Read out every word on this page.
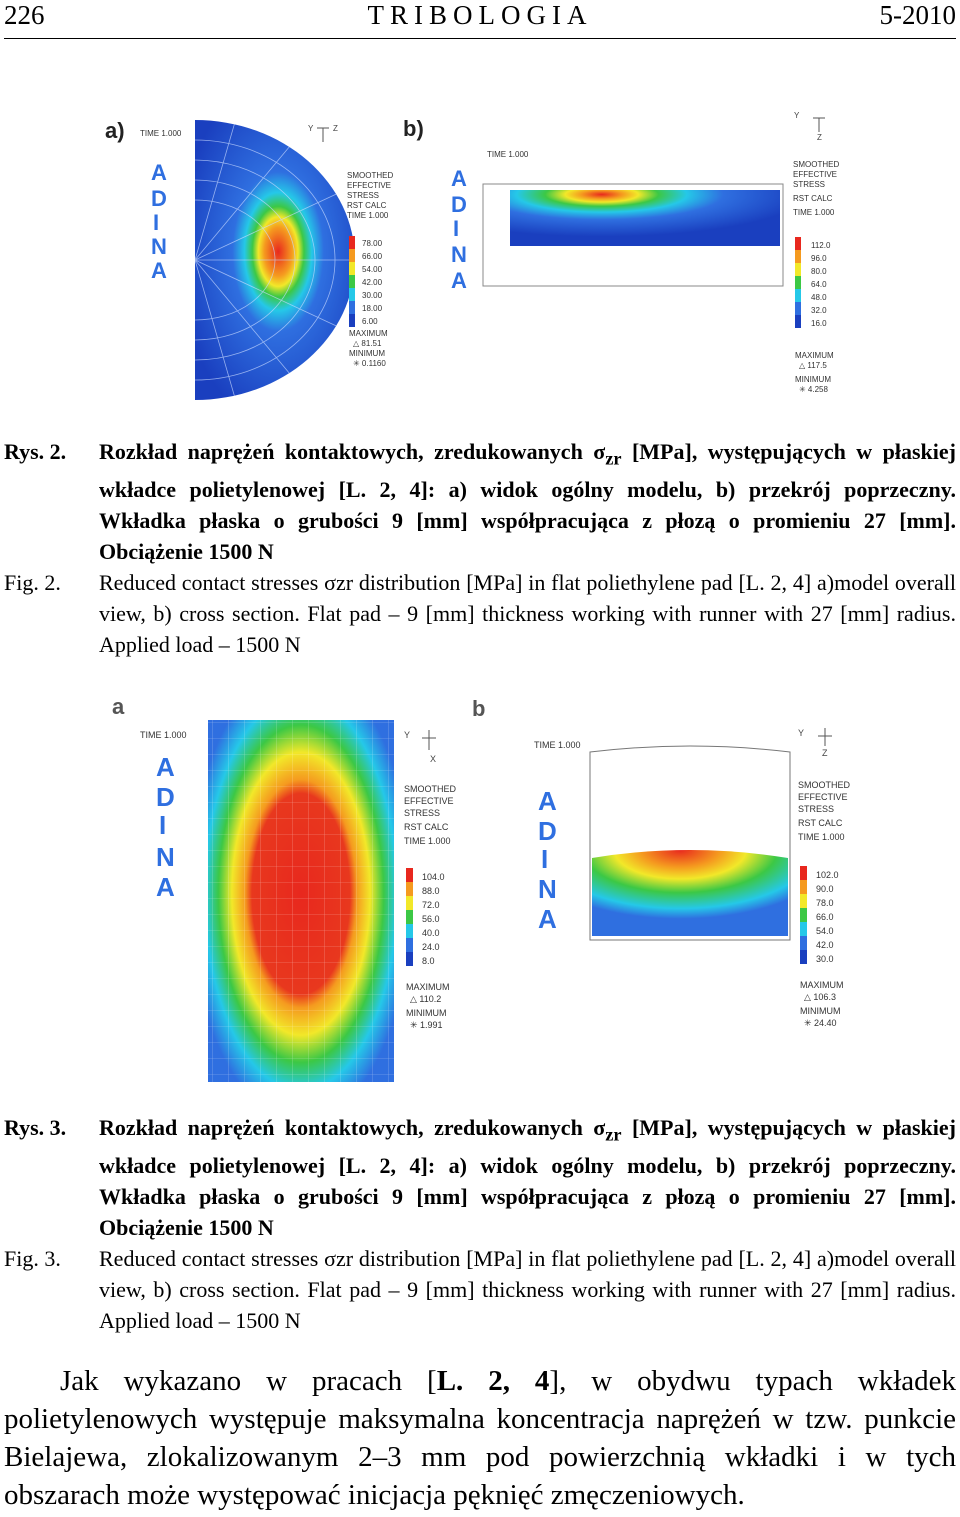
226	TRIBOLOGIA	5-2010
a) TIME 1.000
A
D
I
N
A
Y Z
SMOOTHED
EFFECTIVE
STRESS
RST CALC
TIME 1.000
78.00
66.00
54.00
42.00
30.00
18.00
6.00
MAXIMUM
△ 81.51
MINIMUM
✳ 0.1160
b)
TIME 1.000
A
D
I
N
A
Y
Z
SMOOTHED
EFFECTIVE
STRESS
RST CALC
TIME 1.000
112.0
96.0
80.0
64.0
48.0
32.0
16.0
MAXIMUM
△ 117.5
MINIMUM
✳ 4.258
Rys. 2. Rozkład naprężeń kontaktowych, zredukowanych $\sigma_{zr}$ [MPa], występujących w płaskiej wkładce polietylenowej [L. 2, 4]: a) widok ogólny modelu, b) przekrój poprzeczny. Wkładka płaska o grubości 9 [mm] współpracująca z płozą o promieniu 27 [mm]. Obciążenie 1500 N
Fig. 2. Reduced contact stresses σzr distribution [MPa] in flat poliethylene pad [L. 2, 4] a)model overall view, b) cross section. Flat pad – 9 [mm] thickness working with runner with 27 [mm] radius. Applied load – 1500 N
a
TIME 1.000
A
D
I
N
A
Y
X
SMOOTHED
EFFECTIVE
STRESS
RST CALC
TIME 1.000
104.0
88.0
72.0
56.0
40.0
24.0
8.0
MAXIMUM
△ 110.2
MINIMUM
✳ 1.991
b
TIME 1.000
A
D
I
N
A
Y
Z
SMOOTHED
EFFECTIVE
STRESS
RST CALC
TIME 1.000
102.0
90.0
78.0
66.0
54.0
42.0
30.0
MAXIMUM
△ 106.3
MINIMUM
✳ 24.40
Rys. 3. Rozkład naprężeń kontaktowych, zredukowanych $\sigma_{zr}$ [MPa], występujących w płaskiej wkładce polietylenowej [L. 2, 4]: a) widok ogólny modelu, b) przekrój poprzeczny. Wkładka płaska o grubości 9 [mm] współpracująca z płozą o promieniu 27 [mm]. Obciążenie 1500 N
Fig. 3. Reduced contact stresses σzr distribution [MPa] in flat poliethylene pad [L. 2, 4] a)model overall view, b) cross section. Flat pad – 9 [mm] thickness working with runner with 27 [mm] radius. Applied load – 1500 N

Jak wykazano w pracach [L. 2, 4], w obydwu typach wkładek polietylenowych występuje maksymalna koncentracja naprężeń w tzw. punkcie Bielajewa, zlokalizowanym 2–3 mm pod powierzchnią wkładki i w tych obszarach może występować inicjacja pęknięć zmęczeniowych.
